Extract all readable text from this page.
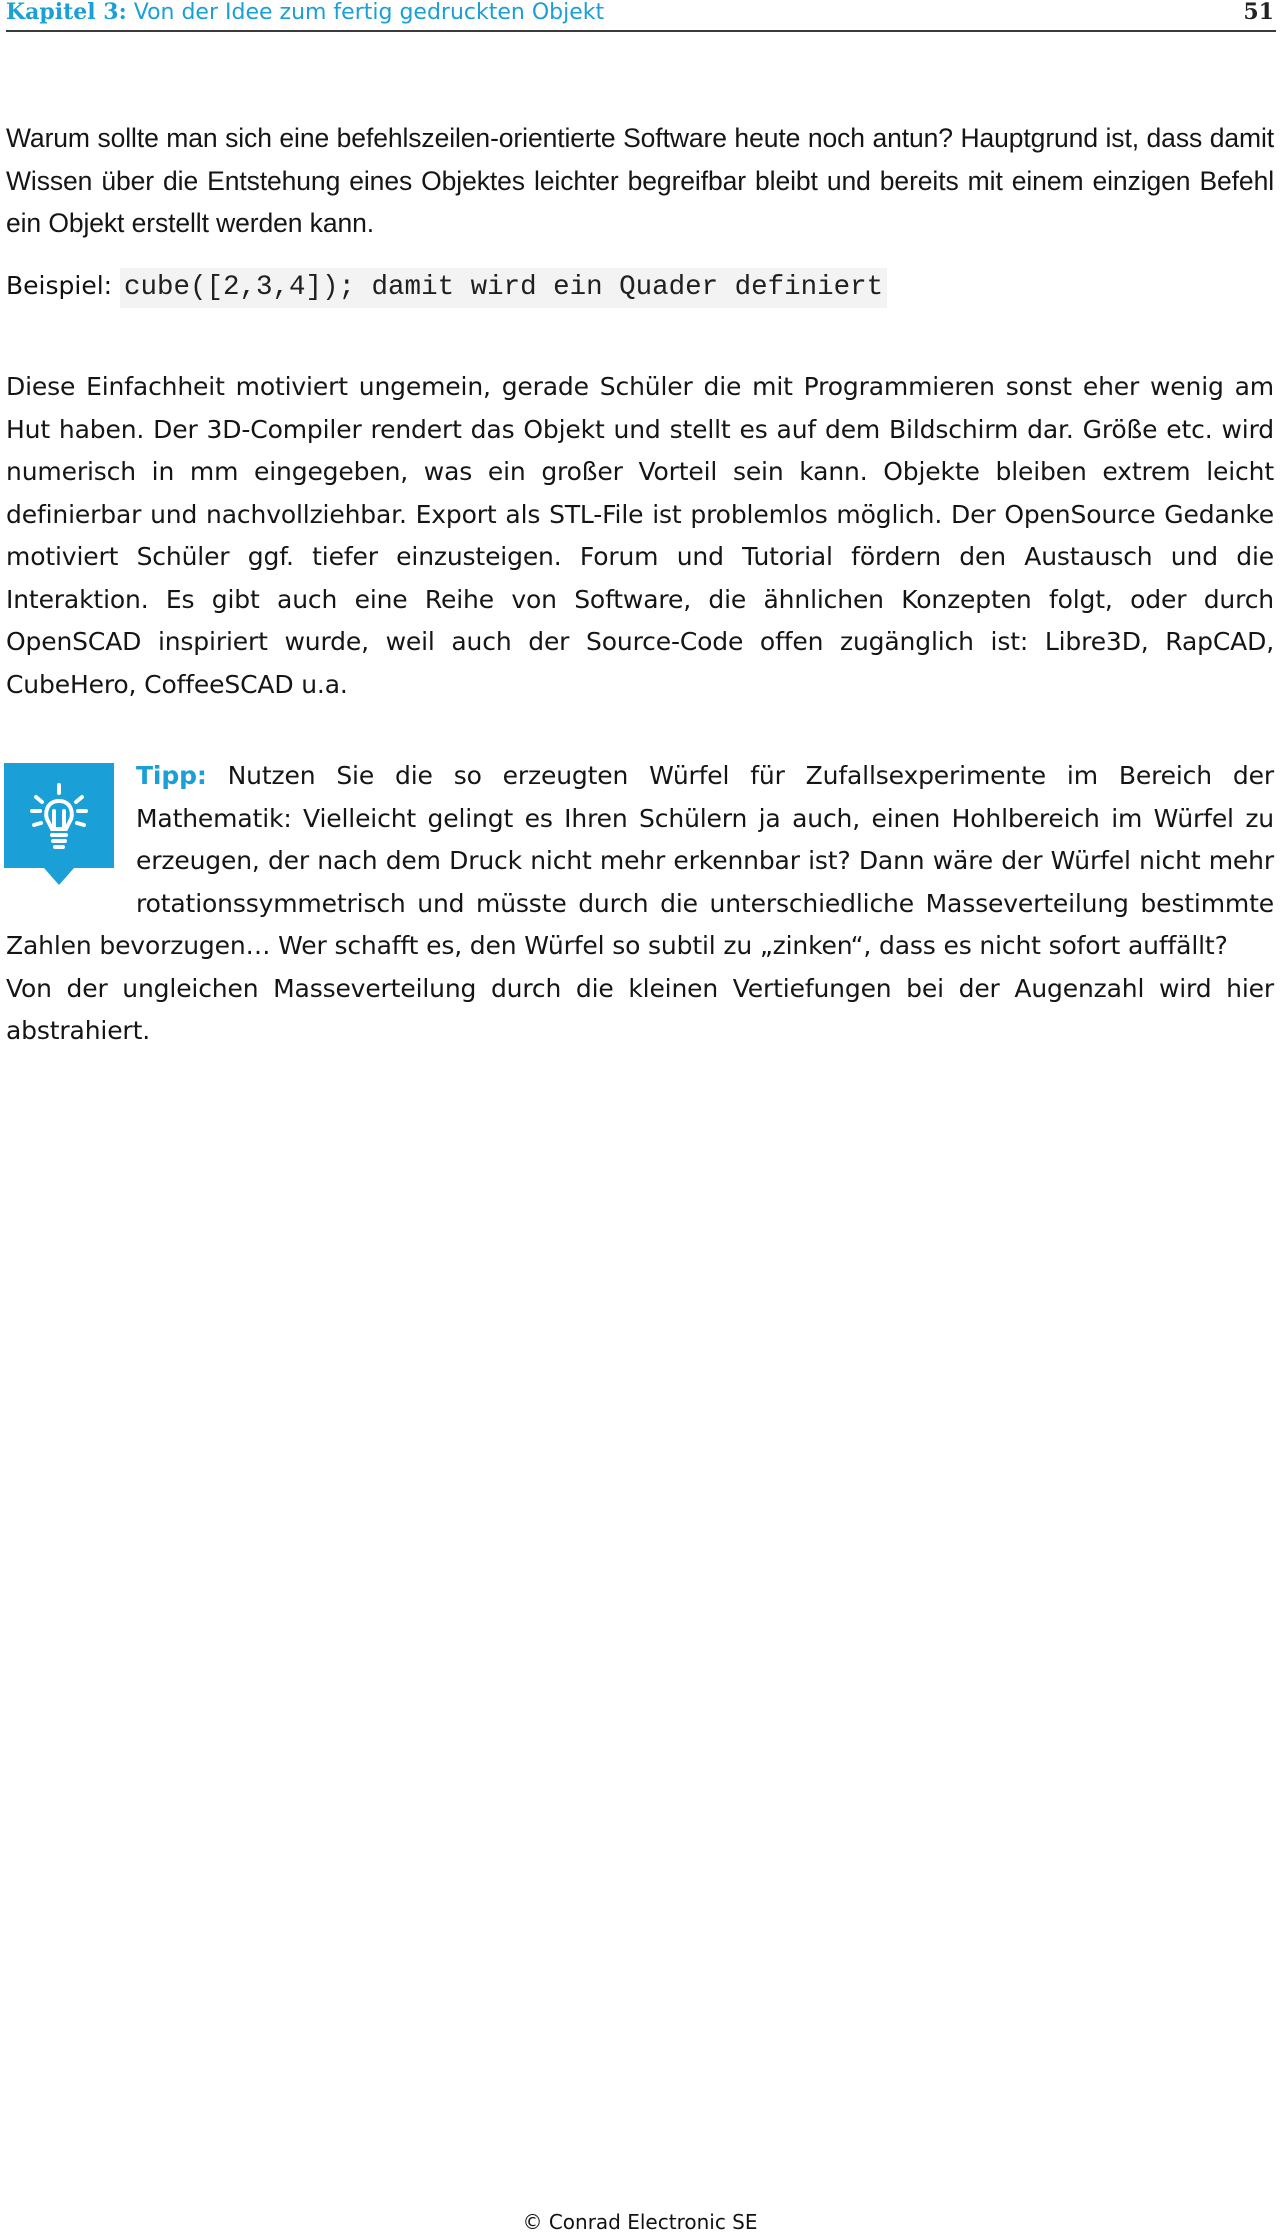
Kapitel 3: Von der Idee zum fertig gedruckten Objekt	51

Warum sollte man sich eine befehlszeilen-orientierte Software heute noch antun? Hauptgrund ist, dass damit Wissen über die Entstehung eines Objektes leichter begreifbar bleibt und bereits mit einem einzigen Befehl ein Objekt erstellt werden kann.

Beispiel: cube([2,3,4]); damit wird ein Quader definiert

Diese Einfachheit motiviert ungemein, gerade Schüler die mit Programmieren sonst eher wenig am Hut haben. Der 3D-Compiler rendert das Objekt und stellt es auf dem Bildschirm dar. Größe etc. wird numerisch in mm eingegeben, was ein großer Vorteil sein kann. Objekte bleiben extrem leicht definierbar und nachvollziehbar. Export als STL-File ist problemlos möglich. Der OpenSource Gedanke motiviert Schüler ggf. tiefer einzusteigen. Forum und Tutorial fördern den Austausch und die Interaktion. Es gibt auch eine Reihe von Software, die ähnlichen Konzepten folgt, oder durch OpenSCAD inspiriert wurde, weil auch der Source-Code offen zugänglich ist: Libre3D, RapCAD, CubeHero, CoffeeSCAD u.a.

Tipp: Nutzen Sie die so erzeugten Würfel für Zufallsexperimente im Bereich der Mathematik: Vielleicht gelingt es Ihren Schülern ja auch, einen Hohlbereich im Würfel zu erzeugen, der nach dem Druck nicht mehr erkennbar ist? Dann wäre der Würfel nicht mehr rotationssymmetrisch und müsste durch die unterschiedliche Masseverteilung bestimmte Zahlen bevorzugen… Wer schafft es, den Würfel so subtil zu „zinken“, dass es nicht sofort auffällt?
Von der ungleichen Masseverteilung durch die kleinen Vertiefungen bei der Augenzahl wird hier abstrahiert.
© Conrad Electronic SE
